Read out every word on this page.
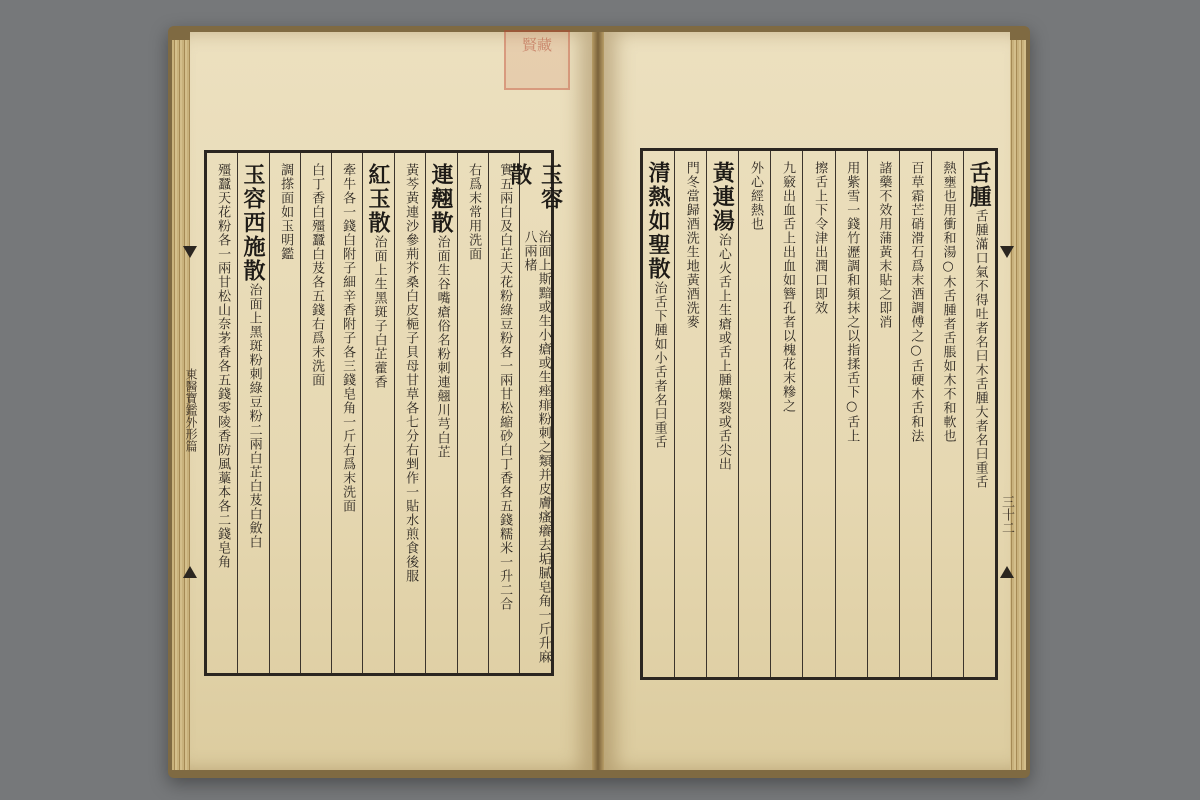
賢藏
東醫寶鑑外形篇
三十二
玉容散
治面上斯黯或生小瘡或生痤痱粉刺之類并皮膚瘙癢去垢膩皂角一斤升麻八兩楮
實五兩白及白芷天花粉綠豆粉各一兩甘松縮砂白丁香各五錢糯米一升二合
右爲末常用洗面
連翹散
治面生谷嘴瘡俗名粉刺連翹川芎白芷
黃芩黃連沙參荊芥桑白皮梔子貝母甘草各七分右剉作一貼水煎食後服
紅玉散
治面上生黑斑子白芷藿香
牽牛各一錢白附子細辛香附子各三錢皂角一斤右爲末洗面
白丁香白殭蠶白芨各五錢右爲末洗面
調搽面如玉明鑑
玉容西施散
治面上黑斑粉刺綠豆粉二兩白芷白芨白斂白
殭蠶天花粉各一兩甘松山奈茅香各五錢零陵香防風藁本各二錢皂角	舌腫
舌腫滿口氣不得吐者名曰木舌腫大者名曰重舌
熱壅也用衝和湯○木舌腫者舌脹如木不和軟也
百草霜芒硝滑石爲末酒調傅之○舌硬木舌和法
諸藥不效用蒲黃末貼之即消
用紫雪一錢竹瀝調和頻抹之以指揉舌下○舌上
擦舌上下令津出潤口即效
九竅出血舌上出血如簪孔者以槐花末糝之
外心經熱也
黃連湯
治心火舌上生瘡或舌上腫燥裂或舌尖出
門冬當歸酒洗生地黃酒洗麥
清熱如聖散
治舌下腫如小舌者名曰重舌
